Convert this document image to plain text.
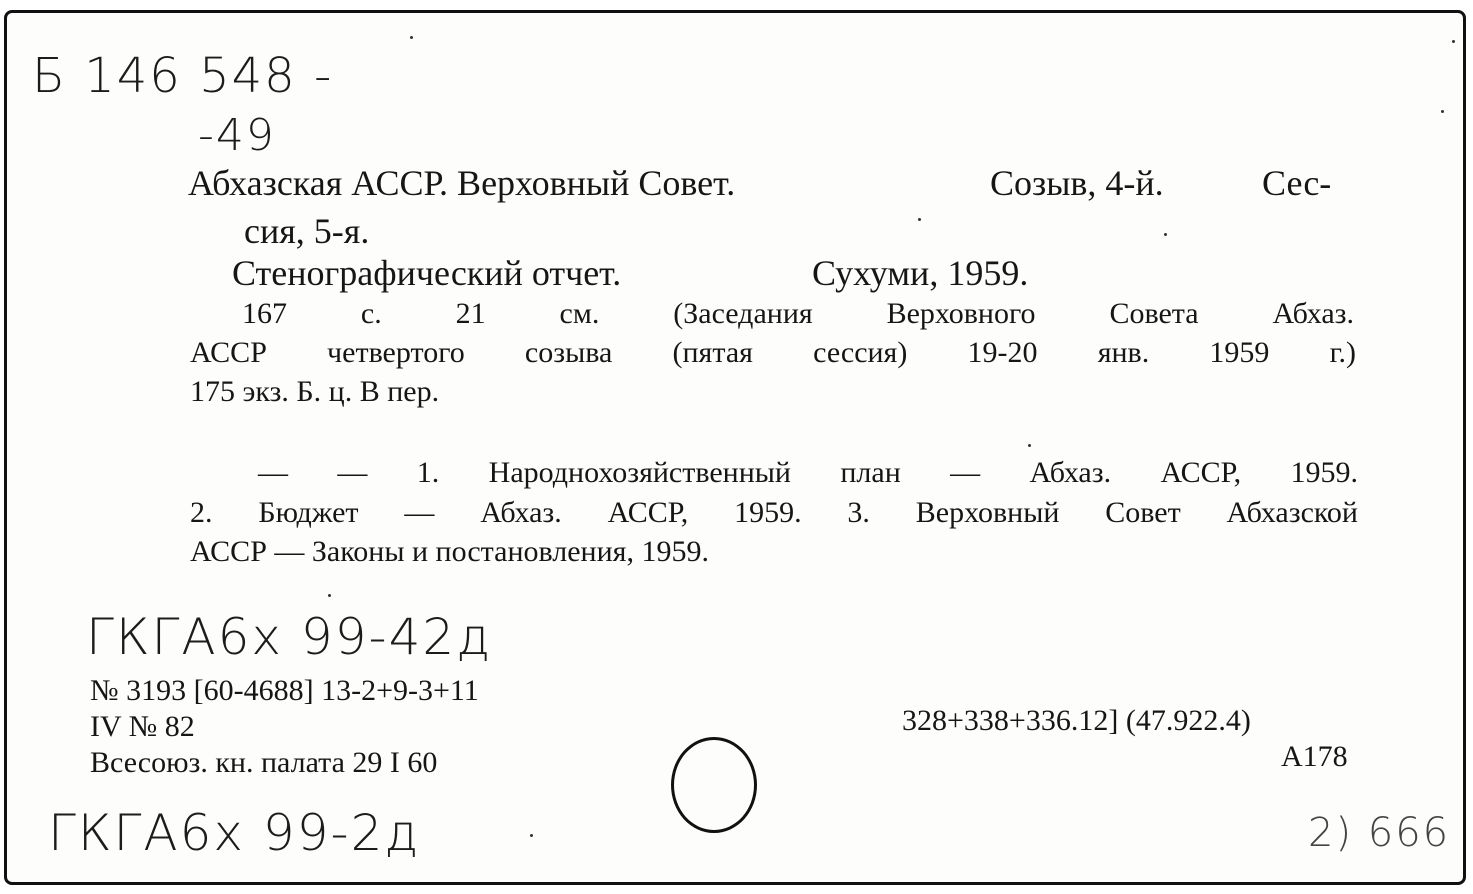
Б 146 548 -
-49
Абхазская АССР. Верховный Совет.	Созыв, 4-й.	Сес-
сия, 5-я.
Стенографический отчет.	Сухуми, 1959.
167 с. 21 см. (Заседания Верховного Совета Абхаз.
АССР четвертого созыва (пятая сессия) 19-20 янв. 1959 г.)
175 экз. Б. ц. В пер.
— — 1. Народнохозяйственный план — Абхаз. АССР, 1959.
2. Бюджет — Абхаз. АССР, 1959. 3. Верховный Совет Абхазской
АССР — Законы и постановления, 1959.
ГКГА6х 99-42д
№ 3193 [60-4688] 13-2+9-3+11
IV № 82
Всесоюз. кн. палата 29 I 60
328+338+336.12] (47.922.4)
A178
ГКГА6х 99-2д	2) 666
